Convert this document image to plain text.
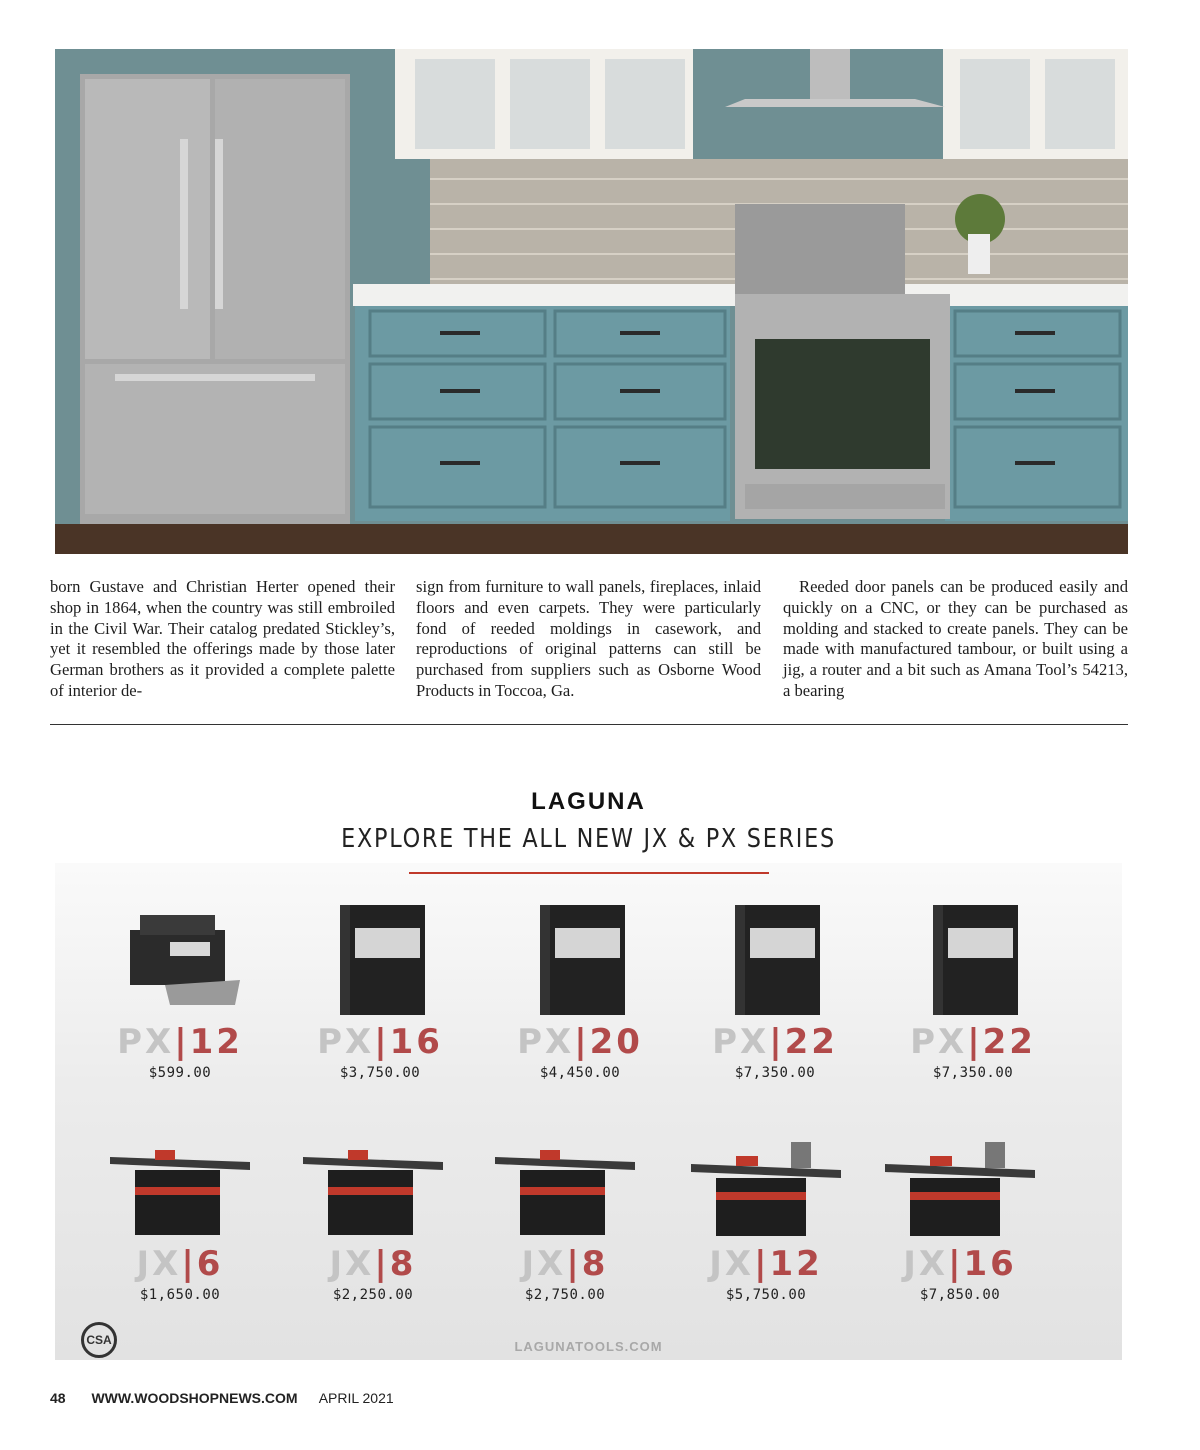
born Gustave and Christian Herter opened their shop in 1864, when the country was still embroiled in the Civil War. Their catalog predated Stickley’s, yet it resembled the offerings made by those later German brothers as it provided a complete palette of interior de-

sign from furniture to wall panels, fireplaces, inlaid floors and even carpets. They were particularly fond of reeded moldings in casework, and reproductions of original patterns can still be purchased from suppliers such as Osborne Wood Products in Toccoa, Ga.

Reeded door panels can be produced easily and quickly on a CNC, or they can be purchased as molding and stacked to create panels. They can be made with manufactured tambour, or built using a jig, a router and a bit such as Amana Tool’s 54213, a bearing

LAGUNA
EXPLORE THE ALL NEW JX & PX SERIES
PX|12
$599.00
PX|16
$3,750.00
PX|20
$4,450.00
PX|22
$7,350.00
PX|22
$7,350.00
JX|6
$1,650.00
JX|8
$2,250.00
JX|8
$2,750.00
JX|12
$5,750.00
JX|16
$7,850.00
CSA	LAGUNATOOLS.COM
48 WWW.WOODSHOPNEWS.COM APRIL 2021
